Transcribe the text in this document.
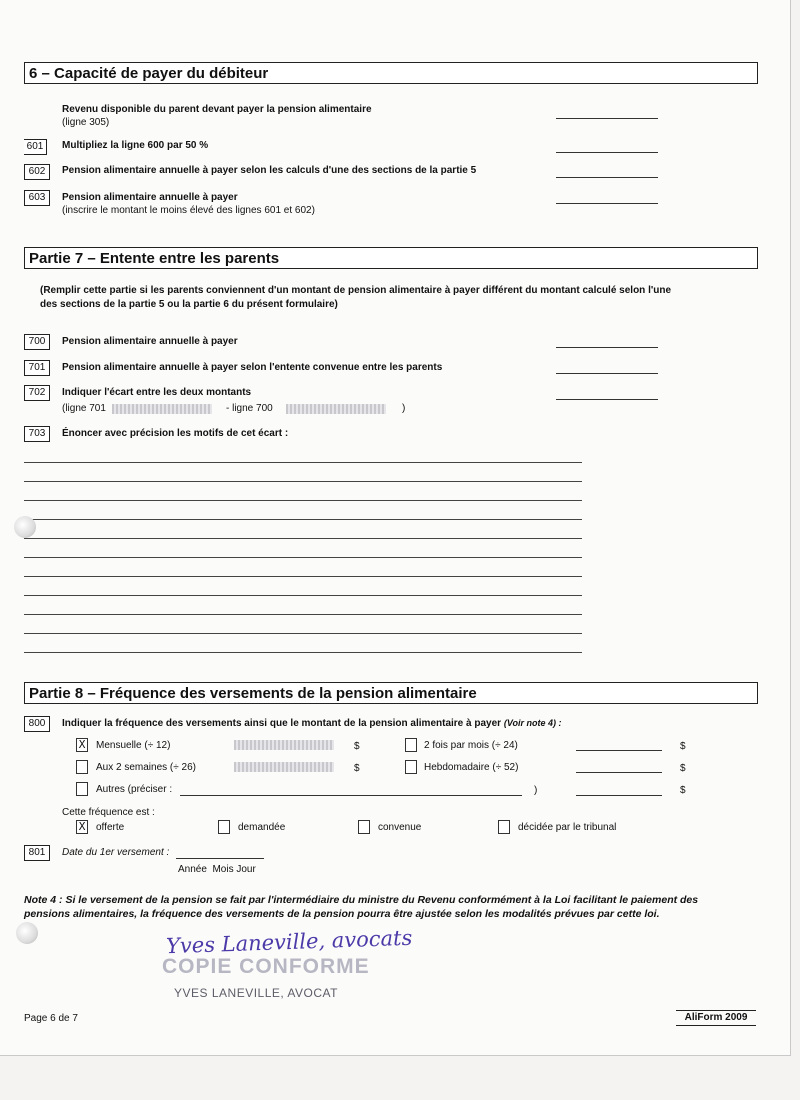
6 – Capacité de payer du débiteur
Revenu disponible du parent devant payer la pension alimentaire
(ligne 305)
601	Multipliez la ligne 600 par 50 %
602	Pension alimentaire annuelle à payer selon les calculs d'une des sections de la partie 5
603	Pension alimentaire annuelle à payer
(inscrire le montant le moins élevé des lignes 601 et 602)
Partie 7 – Entente entre les parents
(Remplir cette partie si les parents conviennent d'un montant de pension alimentaire à payer différent du montant calculé selon l'une des sections de la partie 5 ou la partie 6 du présent formulaire)
700	Pension alimentaire annuelle à payer
701	Pension alimentaire annuelle à payer selon l'entente convenue entre les parents
702	Indiquer l'écart entre les deux montants
(ligne 701	- ligne 700	)
703	Énoncer avec précision les motifs de cet écart :
Partie 8 – Fréquence des versements de la pension alimentaire
800	Indiquer la fréquence des versements ainsi que le montant de la pension alimentaire à payer (Voir note 4) :
X Mensuelle (÷ 12)	$	2 fois par mois (÷ 24)	$
Aux 2 semaines (÷ 26)	$	Hebdomadaire (÷ 52)	$
Autres (préciser :	)	$
Cette fréquence est :
X offerte	demandée	convenue	décidée par le tribunal
801	Date du 1er versement :
Année  Mois Jour
Note 4 : Si le versement de la pension se fait par l'intermédiaire du ministre du Revenu conformément à la Loi facilitant le paiement des pensions alimentaires, la fréquence des versements de la pension pourra être ajustée selon les modalités prévues par cette loi.
Yves Laneville, avocats
COPIE CONFORME
YVES LANEVILLE, AVOCAT
Page 6 de 7	AliForm 2009
